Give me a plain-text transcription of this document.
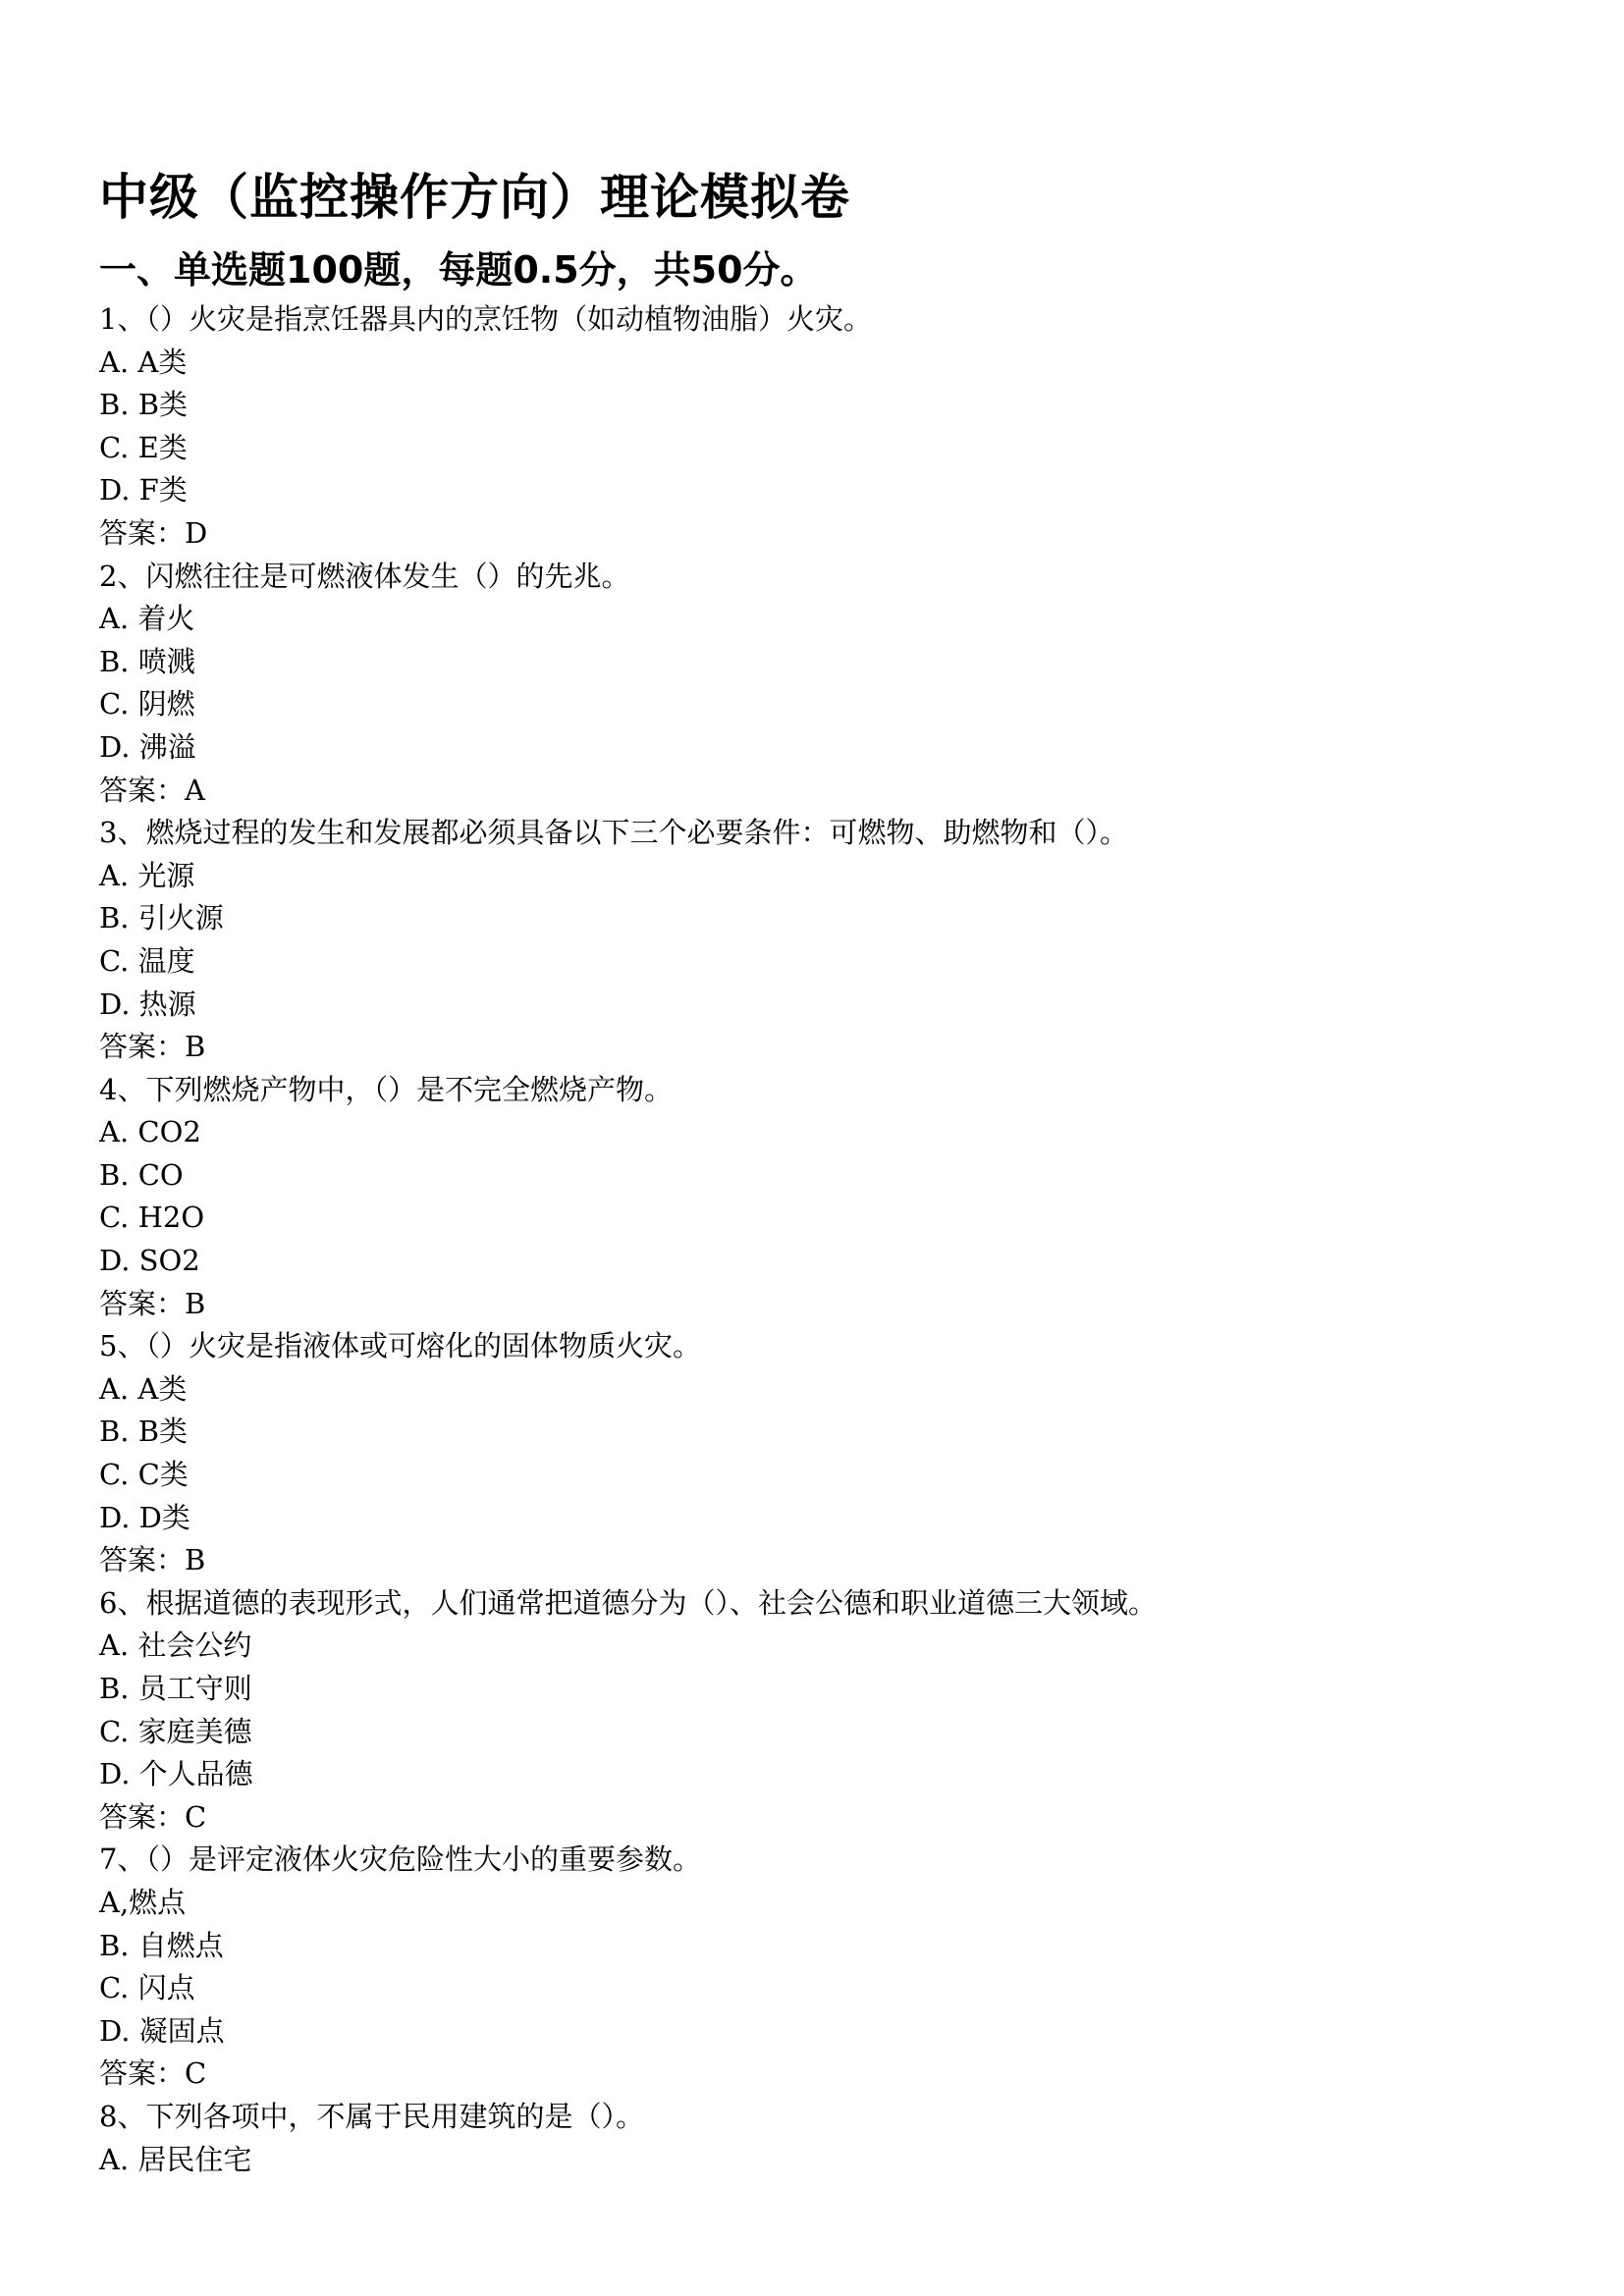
中级（监控操作方向）理论模拟卷
一、单选题100题，每题0.5分，共50分。
1、（）火灾是指烹饪器具内的烹饪物（如动植物油脂）火灾。
A. A类
B. B类
C. E类
D. F类
答案：D
2、闪燃往往是可燃液体发生（）的先兆。
A. 着火
B. 喷溅
C. 阴燃
D. 沸溢
答案：A
3、燃烧过程的发生和发展都必须具备以下三个必要条件：可燃物、助燃物和（）。
A. 光源
B. 引火源
C. 温度
D. 热源
答案：B
4、下列燃烧产物中，（）是不完全燃烧产物。
A. CO2
B. CO
C. H2O
D. SO2
答案：B
5、（）火灾是指液体或可熔化的固体物质火灾。
A. A类
B. B类
C. C类
D. D类
答案：B
6、根据道德的表现形式，人们通常把道德分为（）、社会公德和职业道德三大领域。
A. 社会公约
B. 员工守则
C. 家庭美德
D. 个人品德
答案：C
7、（）是评定液体火灾危险性大小的重要参数。
A,燃点
B. 自燃点
C. 闪点
D. 凝固点
答案：C
8、下列各项中，不属于民用建筑的是（）。
A. 居民住宅
